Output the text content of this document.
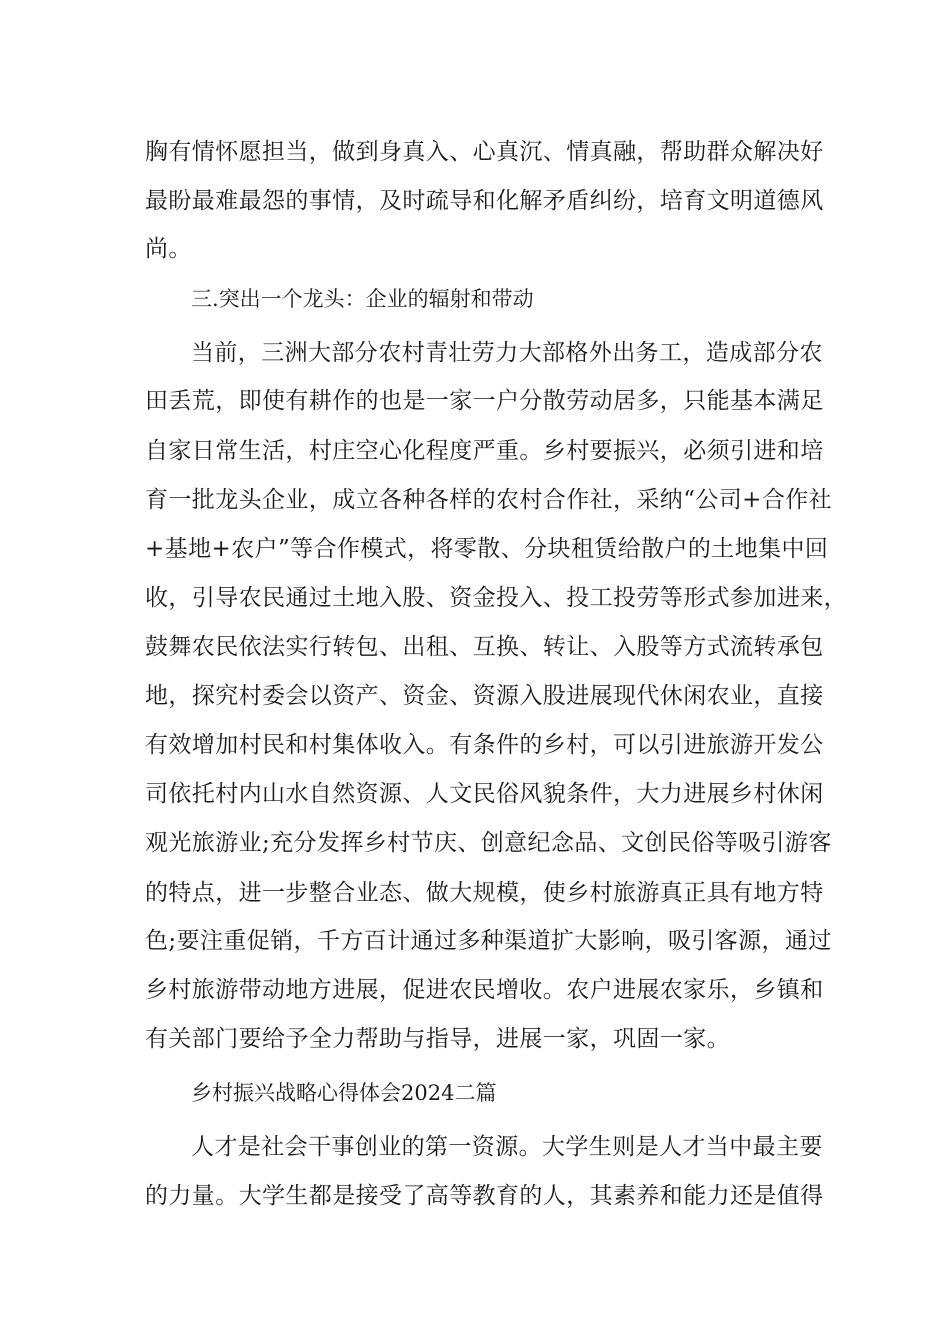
胸有情怀愿担当，做到身真入、心真沉、情真融，帮助群众解决好
最盼最难最怨的事情，及时疏导和化解矛盾纠纷，培育文明道德风
尚。
三.突出一个龙头：企业的辐射和带动
当前，三洲大部分农村青壮劳力大部格外出务工，造成部分农
田丢荒，即使有耕作的也是一家一户分散劳动居多，只能基本满足
自家日常生活，村庄空心化程度严重。乡村要振兴，必须引进和培
育一批龙头企业，成立各种各样的农村合作社，采纳“公司+合作社
+基地+农户”等合作模式，将零散、分块租赁给散户的土地集中回
收，引导农民通过土地入股、资金投入、投工投劳等形式参加进来，
鼓舞农民依法实行转包、出租、互换、转让、入股等方式流转承包
地，探究村委会以资产、资金、资源入股进展现代休闲农业，直接
有效增加村民和村集体收入。有条件的乡村，可以引进旅游开发公
司依托村内山水自然资源、人文民俗风貌条件，大力进展乡村休闲
观光旅游业;充分发挥乡村节庆、创意纪念品、文创民俗等吸引游客
的特点，进一步整合业态、做大规模，使乡村旅游真正具有地方特
色;要注重促销，千方百计通过多种渠道扩大影响，吸引客源，通过
乡村旅游带动地方进展，促进农民增收。农户进展农家乐，乡镇和
有关部门要给予全力帮助与指导，进展一家，巩固一家。
乡村振兴战略心得体会2024二篇
人才是社会干事创业的第一资源。大学生则是人才当中最主要
的力量。大学生都是接受了高等教育的人，其素养和能力还是值得
